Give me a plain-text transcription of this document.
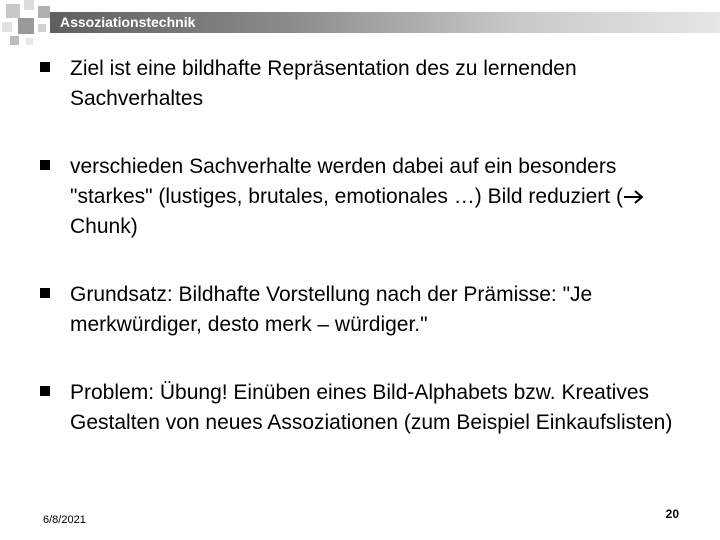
Assoziationstechnik
Ziel ist eine bildhafte Repräsentation des zu lernenden Sachverhaltes
verschieden Sachverhalte werden dabei auf ein besonders "starkes" (lustiges, brutales, emotionales …) Bild reduziert (Chunk)
Grundsatz: Bildhafte Vorstellung nach der Prämisse: "Je merkwürdiger, desto merk – würdiger."
Problem: Übung! Einüben eines Bild-Alphabets bzw. Kreatives Gestalten von neues Assoziationen (zum Beispiel Einkaufslisten)
6/8/2021	20
